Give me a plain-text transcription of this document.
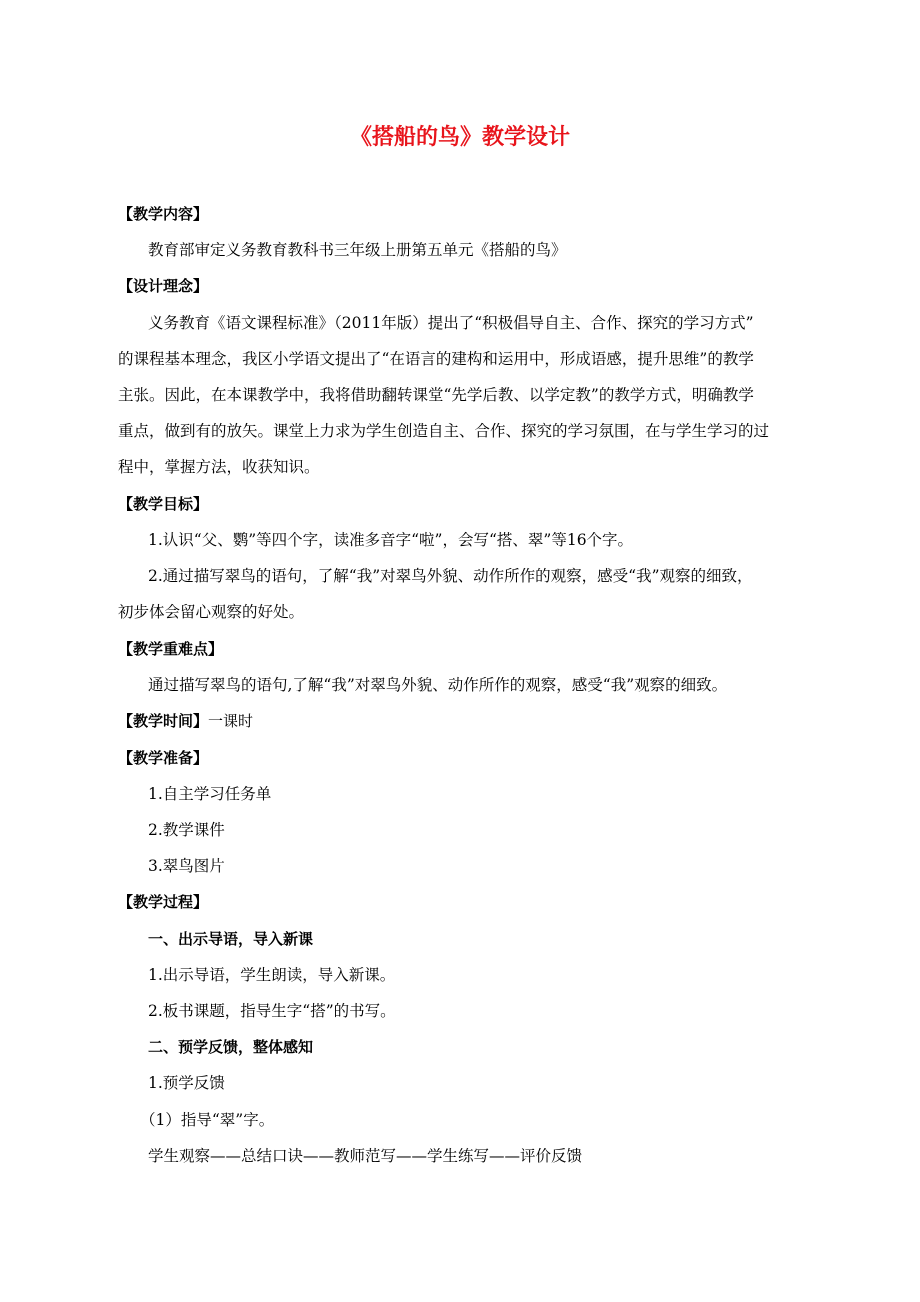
《搭船的鸟》教学设计
【教学内容】
教育部审定义务教育教科书三年级上册第五单元《搭船的鸟》
【设计理念】
义务教育《语文课程标准》（2011年版）提出了“积极倡导自主、合作、探究的学习方式”
的课程基本理念，我区小学语文提出了“在语言的建构和运用中，形成语感，提升思维”的教学
主张。因此，在本课教学中，我将借助翻转课堂“先学后教、以学定教”的教学方式，明确教学
重点，做到有的放矢。课堂上力求为学生创造自主、合作、探究的学习氛围，在与学生学习的过
程中，掌握方法，收获知识。
【教学目标】
1.认识“父、鹦”等四个字，读准多音字“啦”，会写“搭、翠”等16个字。
2.通过描写翠鸟的语句，了解“我”对翠鸟外貌、动作所作的观察，感受“我”观察的细致，
初步体会留心观察的好处。
【教学重难点】
通过描写翠鸟的语句,了解“我”对翠鸟外貌、动作所作的观察，感受“我”观察的细致。
【教学时间】一课时
【教学准备】
1.自主学习任务单
2.教学课件
3.翠鸟图片
【教学过程】
一、出示导语，导入新课
1.出示导语，学生朗读，导入新课。
2.板书课题，指导生字“搭”的书写。
二、预学反馈，整体感知
1.预学反馈
（1）指导“翠”字。
学生观察——总结口诀——教师范写——学生练写——评价反馈
